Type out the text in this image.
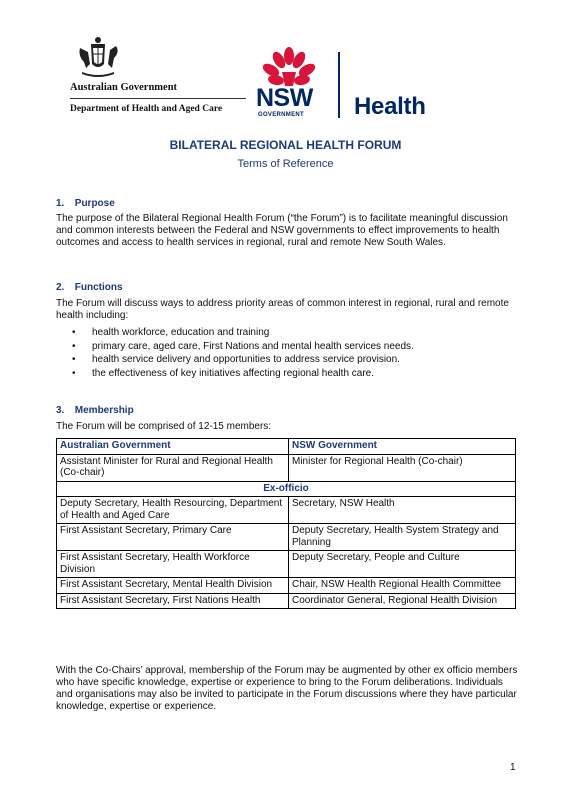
Australian Government
Department of Health and Aged Care NSW
GOVERNMENT Health
BILATERAL REGIONAL HEALTH FORUM
Terms of Reference
1. Purpose
The purpose of the Bilateral Regional Health Forum (“the Forum”) is to facilitate meaningful discussion and common interests between the Federal and NSW governments to effect improvements to health outcomes and access to health services in regional, rural and remote New South Wales.
2. Functions
The Forum will discuss ways to address priority areas of common interest in regional, rural and remote health including:
• health workforce, education and training
• primary care, aged care, First Nations and mental health services needs.
• health service delivery and opportunities to address service provision.
• the effectiveness of key initiatives affecting regional health care.
3. Membership
The Forum will be comprised of 12-15 members:
Australian Government	NSW Government
Assistant Minister for Rural and Regional Health (Co-chair)	Minister for Regional Health (Co-chair)
Ex-officio	
Deputy Secretary, Health Resourcing, Department of Health and Aged Care	Secretary, NSW Health
First Assistant Secretary, Primary Care	Deputy Secretary, Health System Strategy and Planning
First Assistant Secretary, Health Workforce Division	Deputy Secretary, People and Culture
First Assistant Secretary, Mental Health Division	Chair, NSW Health Regional Health Committee
First Assistant Secretary, First Nations Health	Coordinator General, Regional Health Division
With the Co-Chairs’ approval, membership of the Forum may be augmented by other ex officio members who have specific knowledge, expertise or experience to bring to the Forum deliberations. Individuals and organisations may also be invited to participate in the Forum discussions where they have particular knowledge, expertise or experience.
1
